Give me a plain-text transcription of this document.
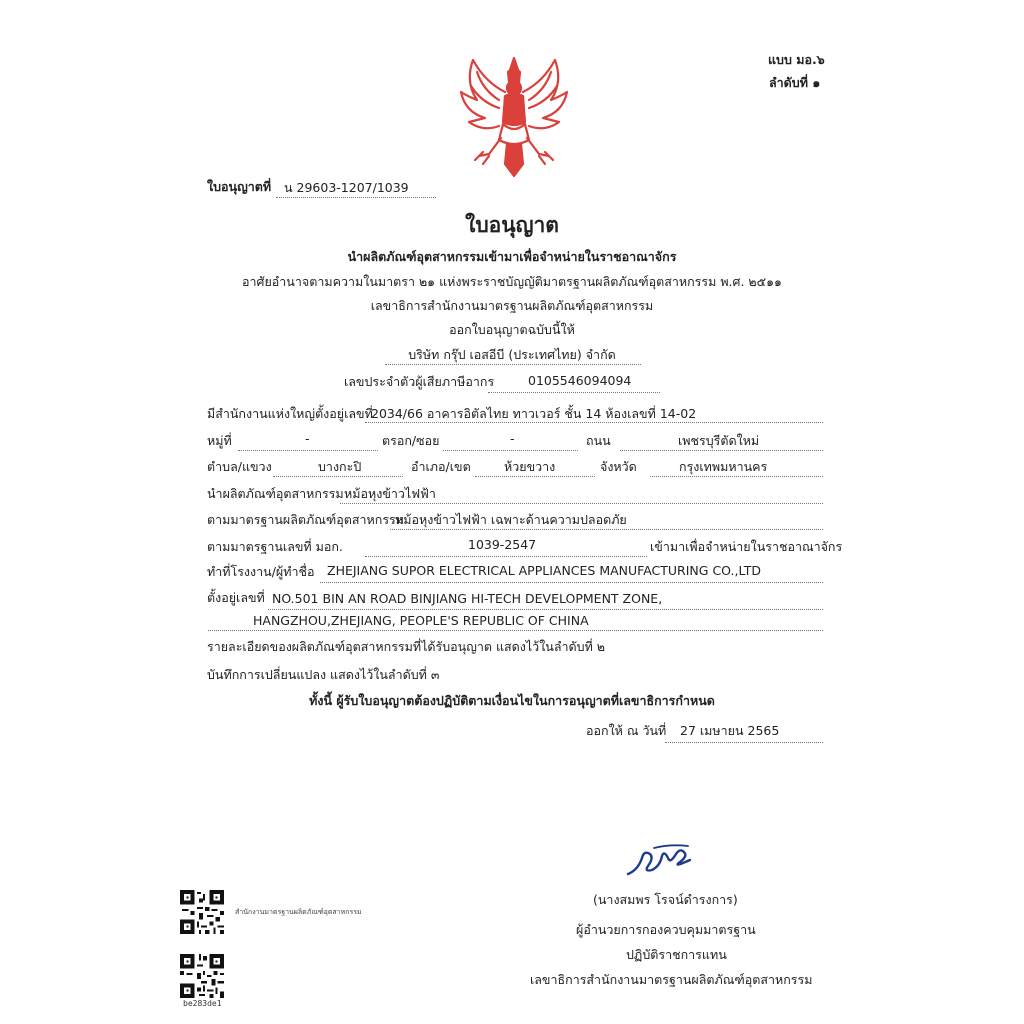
แบบ มอ.๖
ลำดับที่ ๑
ใบอนุญาตที่ น 29603-1207/1039
ใบอนุญาต
นำผลิตภัณฑ์อุตสาหกรรมเข้ามาเพื่อจำหน่ายในราชอาณาจักร
อาศัยอำนาจตามความในมาตรา ๒๑ แห่งพระราชบัญญัติมาตรฐานผลิตภัณฑ์อุตสาหกรรม พ.ศ. ๒๕๑๑
เลขาธิการสำนักงานมาตรฐานผลิตภัณฑ์อุตสาหกรรม
ออกใบอนุญาตฉบับนี้ให้
บริษัท กรุ๊ป เอสอีบี (ประเทศไทย) จำกัด
เลขประจำตัวผู้เสียภาษีอากร	0105546094094
มีสำนักงานแห่งใหญ่ตั้งอยู่เลขที่
2034/66 อาคารอิตัลไทย ทาวเวอร์ ชั้น 14 ห้องเลขที่ 14-02
หมู่ที่	-	ตรอก/ซอย	-	ถนน	เพชรบุรีตัดใหม่
ตำบล/แขวง	บางกะปิ	อำเภอ/เขต	ห้วยขวาง	จังหวัด	กรุงเทพมหานคร
นำผลิตภัณฑ์อุตสาหกรรม หม้อหุงข้าวไฟฟ้า
ตามมาตรฐานผลิตภัณฑ์อุตสาหกรรม
หม้อหุงข้าวไฟฟ้า เฉพาะด้านความปลอดภัย
ตามมาตรฐานเลขที่ มอก.	1039-2547	เข้ามาเพื่อจำหน่ายในราชอาณาจักร
ทำที่โรงงาน/ผู้ทำชื่อ ZHEJIANG SUPOR ELECTRICAL APPLIANCES MANUFACTURING CO.,LTD
ตั้งอยู่เลขที่ NO.501 BIN AN ROAD BINJIANG HI-TECH DEVELOPMENT ZONE,
HANGZHOU,ZHEJIANG, PEOPLE'S REPUBLIC OF CHINA
รายละเอียดของผลิตภัณฑ์อุตสาหกรรมที่ได้รับอนุญาต แสดงไว้ในลำดับที่ ๒
บันทึกการเปลี่ยนแปลง แสดงไว้ในลำดับที่ ๓
ทั้งนี้ ผู้รับใบอนุญาตต้องปฏิบัติตามเงื่อนไขในการอนุญาตที่เลขาธิการกำหนด
ออกให้ ณ วันที่ 27 เมษายน 2565
(นางสมพร โรจน์ดำรงการ)
ผู้อำนวยการกองควบคุมมาตรฐาน
ปฏิบัติราชการแทน
เลขาธิการสำนักงานมาตรฐานผลิตภัณฑ์อุตสาหกรรม
สำนักงานมาตรฐานผลิตภัณฑ์อุตสาหกรรม
be283de1
